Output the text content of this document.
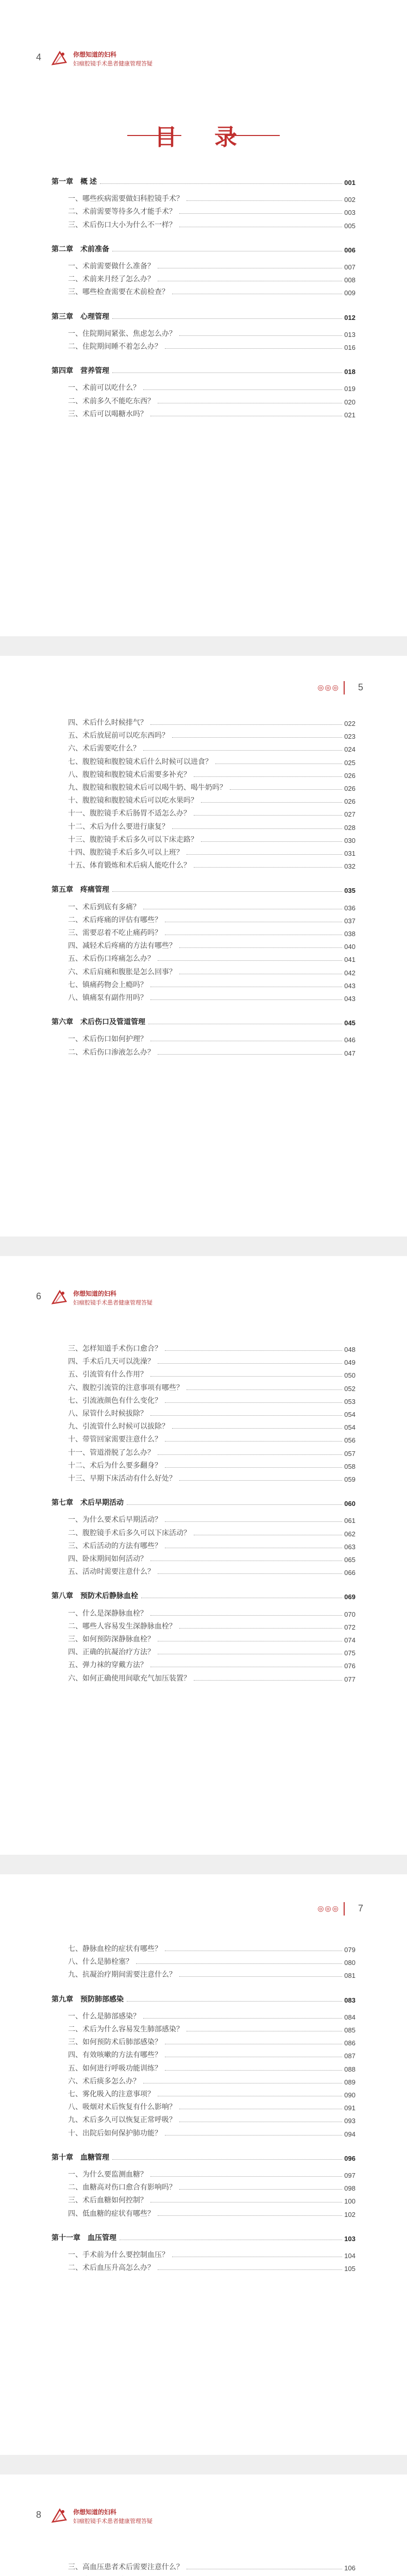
4	你想知道的妇科
妇瘤腔镜手术患者健康管理答疑
目 录
◎◎◎ 5
6	你想知道的妇科
妇瘤腔镜手术患者健康管理答疑
◎◎◎ 7
8	你想知道的妇科
妇瘤腔镜手术患者健康管理答疑
第一章 概 述	001
一、哪些疾病需要做妇科腔镜手术？	002
二、术前需要等待多久才能手术？	003
三、术后伤口大小为什么不一样？	005
第二章 术前准备	006
一、术前需要做什么准备？	007
二、术前来月经了怎么办？	008
三、哪些检查需要在术前检查？	009
第三章 心理管理	012
一、住院期间紧张、焦虑怎么办？	013
二、住院期间睡不着怎么办？	016
第四章 营养管理	018
一、术前可以吃什么？	019
二、术前多久不能吃东西？	020
三、术后可以喝糖水吗？	021
四、术后什么时候排气？	022
五、术后放屁前可以吃东西吗？	023
六、术后需要吃什么？	024
七、腹腔镜和腹腔镜术后什么时候可以进食？	025
八、腹腔镜和腹腔镜术后需要多补充？	026
九、腹腔镜和腹腔镜术后可以喝牛奶、喝牛奶吗？	026
十、腹腔镜和腹腔镜术后可以吃水果吗？	026
十一、腹腔镜手术后肠胃不适怎么办？	027
十二、术后为什么要进行康复？	028
十三、腹腔镜手术后多久可以下床走路？	030
十四、腹腔镜手术后多久可以上班？	031
十五、体育锻炼和术后病人能吃什么？	032
第五章 疼痛管理	035
一、术后到底有多痛？	036
二、术后疼痛的评估有哪些？	037
三、需要忍着不吃止痛药吗？	038
四、减轻术后疼痛的方法有哪些？	040
五、术后伤口疼痛怎么办？	041
六、术后肩痛和腹胀是怎么回事？	042
七、镇痛药物会上瘾吗？	043
八、镇痛泵有副作用吗？	043
第六章 术后伤口及管道管理	045
一、术后伤口如何护理？	046
二、术后伤口渗液怎么办？	047
三、怎样知道手术伤口愈合？	048
四、手术后几天可以洗澡？	049
五、引流管有什么作用？	050
六、腹腔引流管的注意事项有哪些？	052
七、引流液颜色有什么变化？	053
八、尿管什么时候拔除？	054
九、引流管什么时候可以拔除？	054
十、带管回家需要注意什么？	056
十一、管道滑脱了怎么办？	057
十二、术后为什么要多翻身？	058
十三、早期下床活动有什么好处？	059
第七章 术后早期活动	060
一、为什么要术后早期活动？	061
二、腹腔镜手术后多久可以下床活动？	062
三、术后活动的方法有哪些？	063
四、卧床期间如何活动？	065
五、活动时需要注意什么？	066
第八章 预防术后静脉血栓	069
一、什么是深静脉血栓？	070
二、哪些人容易发生深静脉血栓？	072
三、如何预防深静脉血栓？	074
四、正确的抗凝治疗方法？	075
五、弹力袜的穿戴方法？	076
六、如何正确使用间歇充气加压装置？	077
七、静脉血栓的症状有哪些？	079
八、什么是肺栓塞？	080
九、抗凝治疗期间需要注意什么？	081
第九章 预防肺部感染	083
一、什么是肺部感染？	084
二、术后为什么容易发生肺部感染？	085
三、如何预防术后肺部感染？	086
四、有效咳嗽的方法有哪些？	087
五、如何进行呼吸功能训练？	088
六、术后痰多怎么办？	089
七、雾化吸入的注意事项？	090
八、吸烟对术后恢复有什么影响？	091
九、术后多久可以恢复正常呼吸？	093
十、出院后如何保护肺功能？	094
第十章 血糖管理	096
一、为什么要监测血糖？	097
二、血糖高对伤口愈合有影响吗？	098
三、术后血糖如何控制？	100
四、低血糖的症状有哪些？	102
第十一章 血压管理	103
一、手术前为什么要控制血压？	104
二、术后血压升高怎么办？	105
三、高血压患者术后需要注意什么？	106
